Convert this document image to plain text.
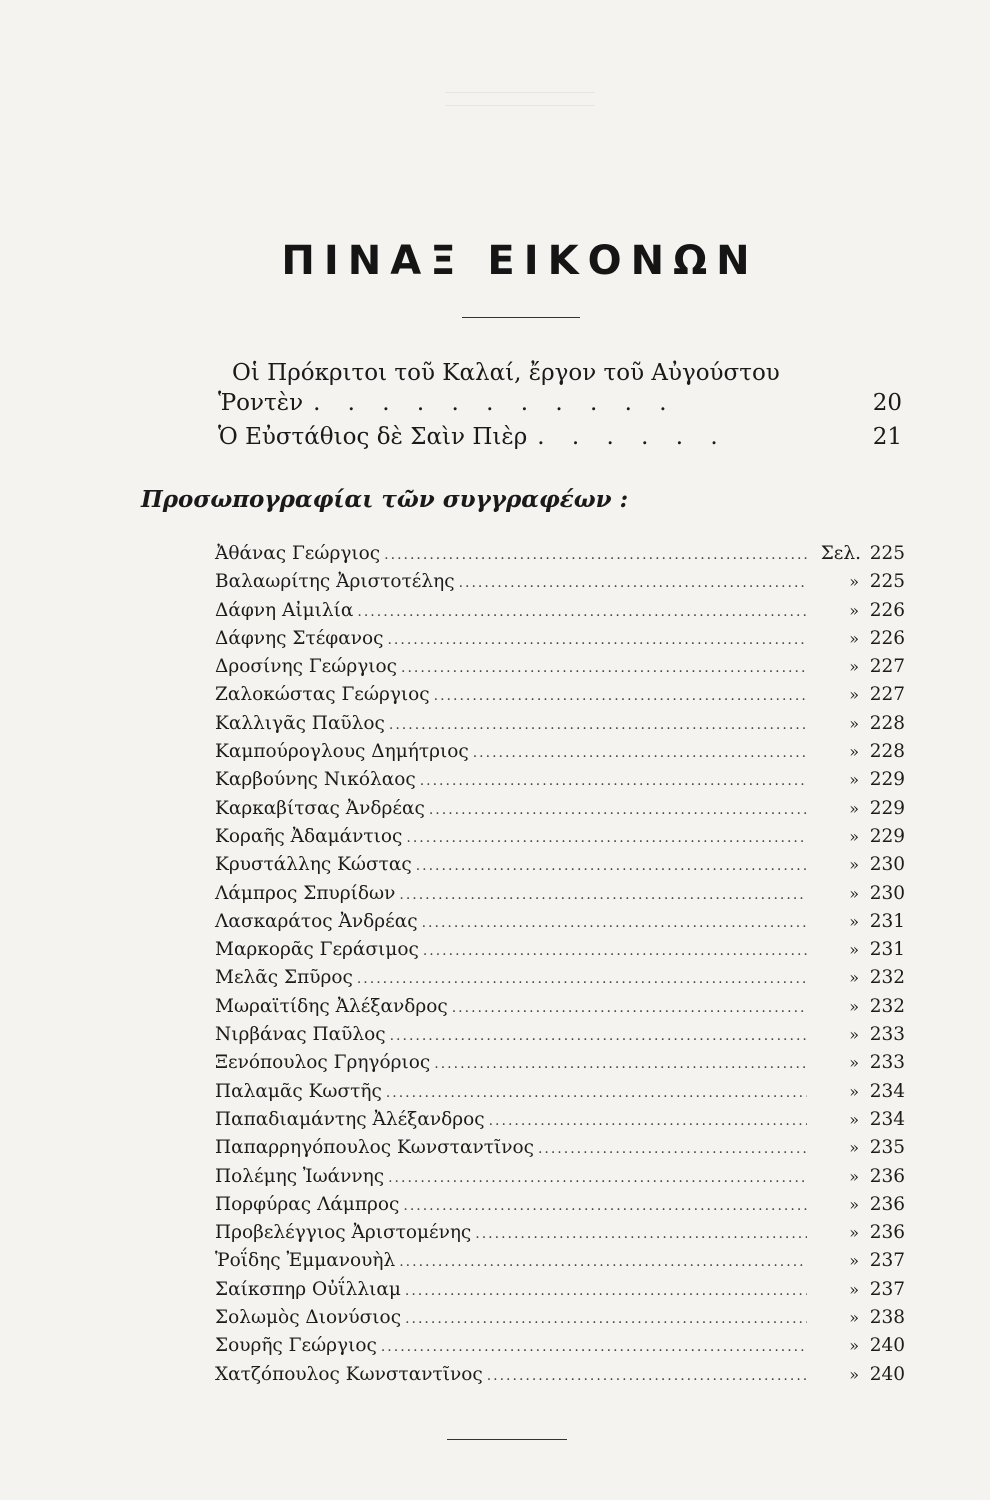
ΠΙΝΑΞ ΕΙΚΟΝΩΝ
Οἱ Πρόκριτοι τοῦ Καλαί, ἔργον τοῦ Αὐγούστου
Ῥοντὲν . . . . . . . . . . .	20
Ὁ Εὐστάθιος δὲ Σαὶν Πιὲρ . . . . . .	21
Προσωπογραφίαι τῶν συγγραφέων :
Ἀθάνας Γεώργιος .....	Σελ. 225
Βαλαωρίτης Ἀριστοτέλης .....	» 225
Δάφνη Αἰμιλία .....	» 226
Δάφνης Στέφανος .....	» 226
Δροσίνης Γεώργιος .....	» 227
Ζαλοκώστας Γεώργιος .....	» 227
Καλλιγᾶς Παῦλος .....	» 228
Καμπούρογλους Δημήτριος .....	» 228
Καρβούνης Νικόλαος .....	» 229
Καρκαβίτσας Ἀνδρέας .....	» 229
Κοραῆς Ἀδαμάντιος .....	» 229
Κρυστάλλης Κώστας .....	» 230
Λάμπρος Σπυρίδων .....	» 230
Λασκαράτος Ἀνδρέας .....	» 231
Μαρκορᾶς Γεράσιμος .....	» 231
Μελᾶς Σπῦρος .....	» 232
Μωραϊτίδης Ἀλέξανδρος .....	» 232
Νιρβάνας Παῦλος .....	» 233
Ξενόπουλος Γρηγόριος .....	» 233
Παλαμᾶς Κωστῆς .....	» 234
Παπαδιαμάντης Ἀλέξανδρος .....	» 234
Παπαρρηγόπουλος Κωνσταντῖνος .....	» 235
Πολέμης Ἰωάννης .....	» 236
Πορφύρας Λάμπρος .....	» 236
Προβελέγγιος Ἀριστομένης .....	» 236
Ῥοΐδης Ἐμμανουὴλ .....	» 237
Σαίκσπηρ Οὐΐλλιαμ .....	» 237
Σολωμὸς Διονύσιος .....	» 238
Σουρῆς Γεώργιος .....	» 240
Χατζόπουλος Κωνσταντῖνος .....	» 240
